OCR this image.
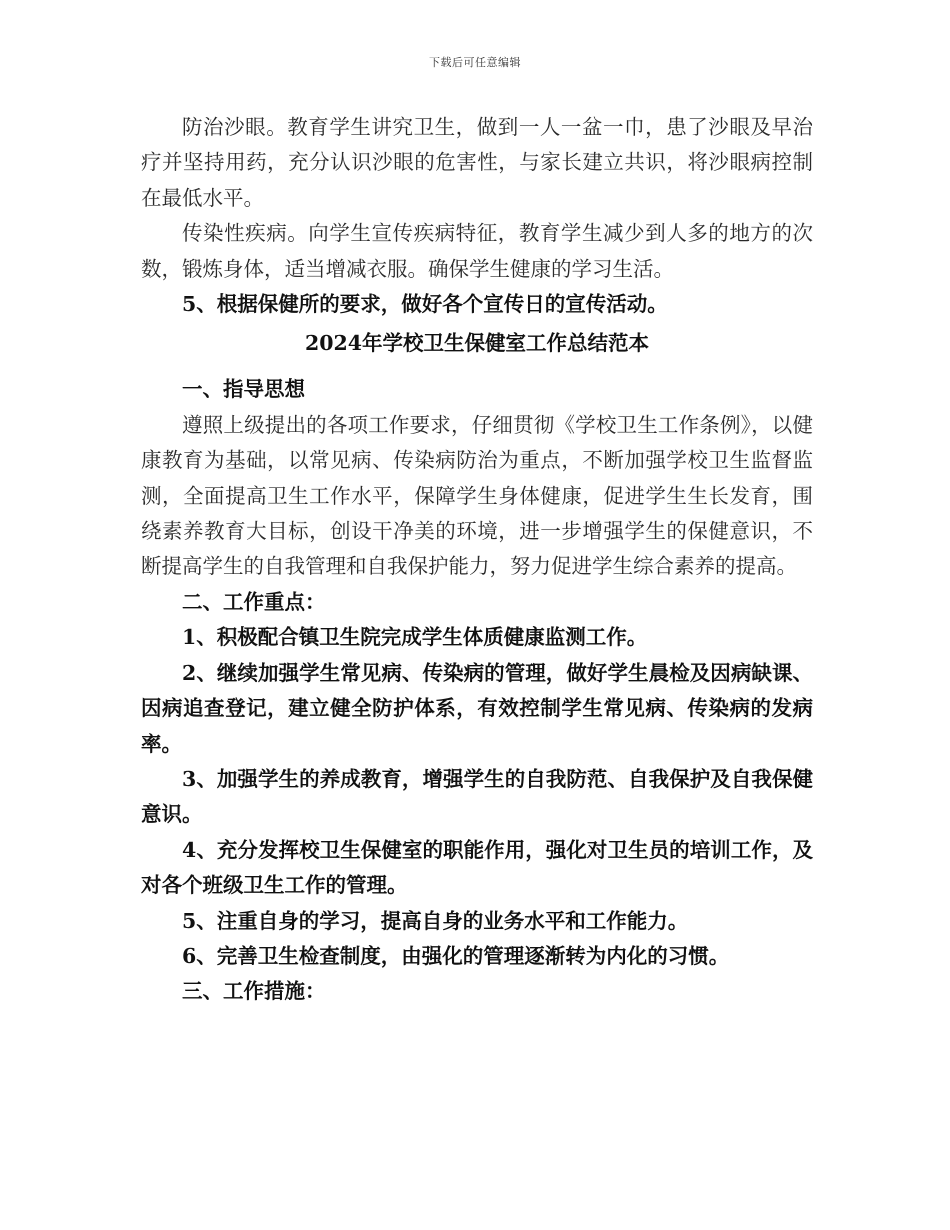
下载后可任意编辑

防治沙眼。教育学生讲究卫生，做到一人一盆一巾，患了沙眼及早治疗并坚持用药，充分认识沙眼的危害性，与家长建立共识，将沙眼病控制在最低水平。

传染性疾病。向学生宣传疾病特征，教育学生减少到人多的地方的次数，锻炼身体，适当增减衣服。确保学生健康的学习生活。

5、根据保健所的要求，做好各个宣传日的宣传活动。

2024年学校卫生保健室工作总结范本

一、指导思想

遵照上级提出的各项工作要求，仔细贯彻《学校卫生工作条例》，以健康教育为基础，以常见病、传染病防治为重点，不断加强学校卫生监督监测，全面提高卫生工作水平，保障学生身体健康，促进学生生长发育，围绕素养教育大目标，创设干净美的环境，进一步增强学生的保健意识，不断提高学生的自我管理和自我保护能力，努力促进学生综合素养的提高。

二、工作重点：

1、积极配合镇卫生院完成学生体质健康监测工作。

2、继续加强学生常见病、传染病的管理，做好学生晨检及因病缺课、因病追查登记，建立健全防护体系，有效控制学生常见病、传染病的发病率。

3、加强学生的养成教育，增强学生的自我防范、自我保护及自我保健意识。

4、充分发挥校卫生保健室的职能作用，强化对卫生员的培训工作，及对各个班级卫生工作的管理。

5、注重自身的学习，提高自身的业务水平和工作能力。

6、完善卫生检查制度，由强化的管理逐渐转为内化的习惯。

三、工作措施：
